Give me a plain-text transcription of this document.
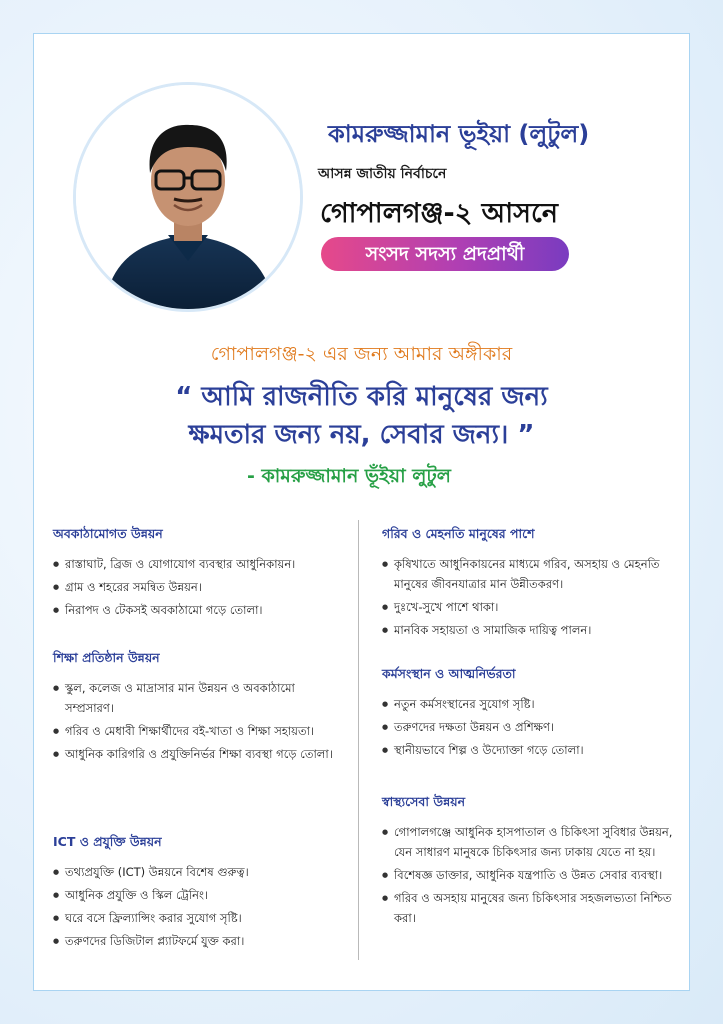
কামরুজ্জামান ভূইয়া (লুটুল)
আসন্ন জাতীয় নির্বাচনে
গোপালগঞ্জ-২ আসনে
সংসদ সদস্য প্রদপ্রার্থী
গোপালগঞ্জ-২ এর জন্য আমার অঙ্গীকার
“ আমি রাজনীতি করি মানুষের জন্য
ক্ষমতার জন্য নয়, সেবার জন্য। ”
- কামরুজ্জামান ভূঁইয়া লুটুল
অবকাঠামোগত উন্নয়ন
● রাস্তাঘাট, ব্রিজ ও যোগাযোগ ব্যবস্থার আধুনিকায়ন।
● গ্রাম ও শহরের সমন্বিত উন্নয়ন।
● নিরাপদ ও টেকসই অবকাঠামো গড়ে তোলা।
শিক্ষা প্রতিষ্ঠান উন্নয়ন
● স্কুল, কলেজ ও মাদ্রাসার মান উন্নয়ন ও অবকাঠামো সম্প্রসারণ।
● গরিব ও মেধাবী শিক্ষার্থীদের বই-খাতা ও শিক্ষা সহায়তা।
● আধুনিক কারিগরি ও প্রযুক্তিনির্ভর শিক্ষা ব্যবস্থা গড়ে তোলা।
ICT ও প্রযুক্তি উন্নয়ন
● তথ্যপ্রযুক্তি (ICT) উন্নয়নে বিশেষ গুরুত্ব।
● আধুনিক প্রযুক্তি ও স্কিল ট্রেনিং।
● ঘরে বসে ফ্রিল্যান্সিং করার সুযোগ সৃষ্টি।
● তরুণদের ডিজিটাল প্ল্যাটফর্মে যুক্ত করা।
গরিব ও মেহনতি মানুষের পাশে
● কৃষিখাতে আধুনিকায়নের মাধ্যমে গরিব, অসহায় ও মেহনতি মানুষের জীবনযাত্রার মান উন্নীতকরণ।
● দুঃখে-সুখে পাশে থাকা।
● মানবিক সহায়তা ও সামাজিক দায়িত্ব পালন।
কর্মসংস্থান ও আত্মনির্ভরতা
● নতুন কর্মসংস্থানের সুযোগ সৃষ্টি।
● তরুণদের দক্ষতা উন্নয়ন ও প্রশিক্ষণ।
● স্থানীয়ভাবে শিল্প ও উদ্যোক্তা গড়ে তোলা।
স্বাস্থ্যসেবা উন্নয়ন
● গোপালগঞ্জে আধুনিক হাসপাতাল ও চিকিৎসা সুবিধার উন্নয়ন, যেন সাধারণ মানুষকে চিকিৎসার জন্য ঢাকায় যেতে না হয়।
● বিশেষজ্ঞ ডাক্তার, আধুনিক যন্ত্রপাতি ও উন্নত সেবার ব্যবস্থা।
● গরিব ও অসহায় মানুষের জন্য চিকিৎসার সহজলভ্যতা নিশ্চিত করা।
